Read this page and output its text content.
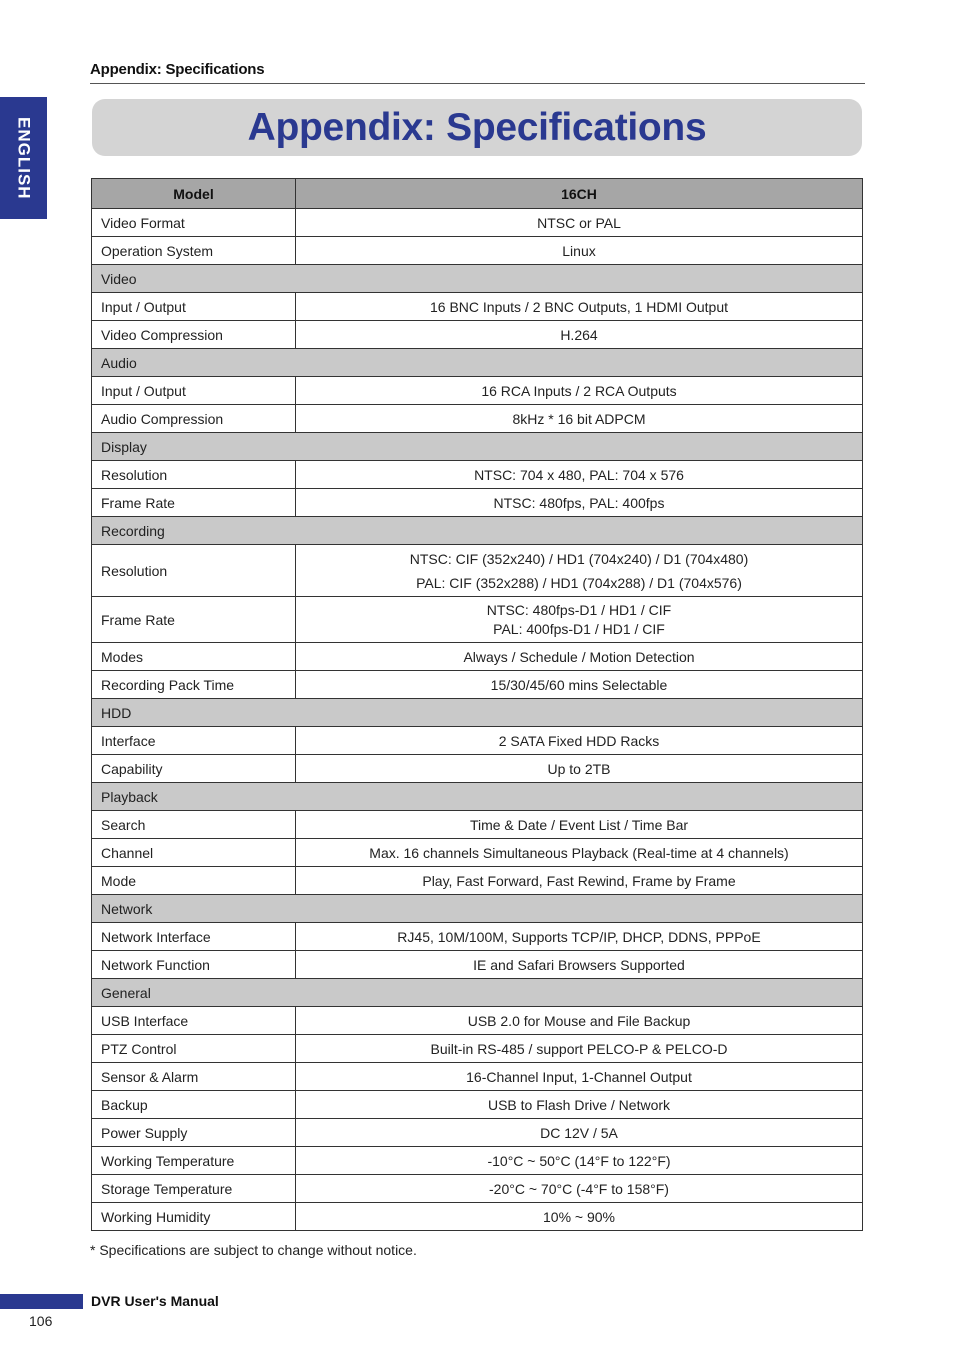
Appendix: Specifications
ENGLISH	Appendix: Specifications
Model	16CH
Video Format	NTSC or PAL
Operation System	Linux
Video	
Input / Output	16 BNC Inputs / 2 BNC Outputs, 1 HDMI Output
Video Compression	H.264
Audio	
Input / Output	16 RCA Inputs / 2 RCA Outputs
Audio Compression	8kHz * 16 bit ADPCM
Display	
Resolution	NTSC: 704 x 480, PAL: 704 x 576
Frame Rate	NTSC: 480fps, PAL: 400fps
Recording	
Resolution	NTSC: CIF (352x240) / HD1 (704x240) / D1 (704x480)
PAL: CIF (352x288) / HD1 (704x288) / D1 (704x576)

Frame Rate	NTSC: 480fps-D1 / HD1 / CIF
PAL: 400fps-D1 / HD1 / CIF

Modes	Always / Schedule / Motion Detection
Recording Pack Time	15/30/45/60 mins Selectable
HDD	
Interface	2 SATA Fixed HDD Racks
Capability	Up to 2TB
Playback	
Search	Time & Date / Event List / Time Bar
Channel	Max. 16 channels Simultaneous Playback (Real-time at 4 channels)
Mode	Play, Fast Forward, Fast Rewind, Frame by Frame
Network	
Network Interface	RJ45, 10M/100M, Supports TCP/IP, DHCP, DDNS, PPPoE
Network Function	IE and Safari Browsers Supported
General	
USB Interface	USB 2.0 for Mouse and File Backup
PTZ Control	Built-in RS-485 / support PELCO-P & PELCO-D
Sensor & Alarm	16-Channel Input, 1-Channel Output
Backup	USB to Flash Drive / Network
Power Supply	DC 12V / 5A
Working Temperature	-10°C ~ 50°C (14°F to 122°F)
Storage Temperature	-20°C ~ 70°C (-4°F to 158°F)
Working Humidity	10% ~ 90%
* Specifications are subject to change without notice.
DVR User's Manual
106
